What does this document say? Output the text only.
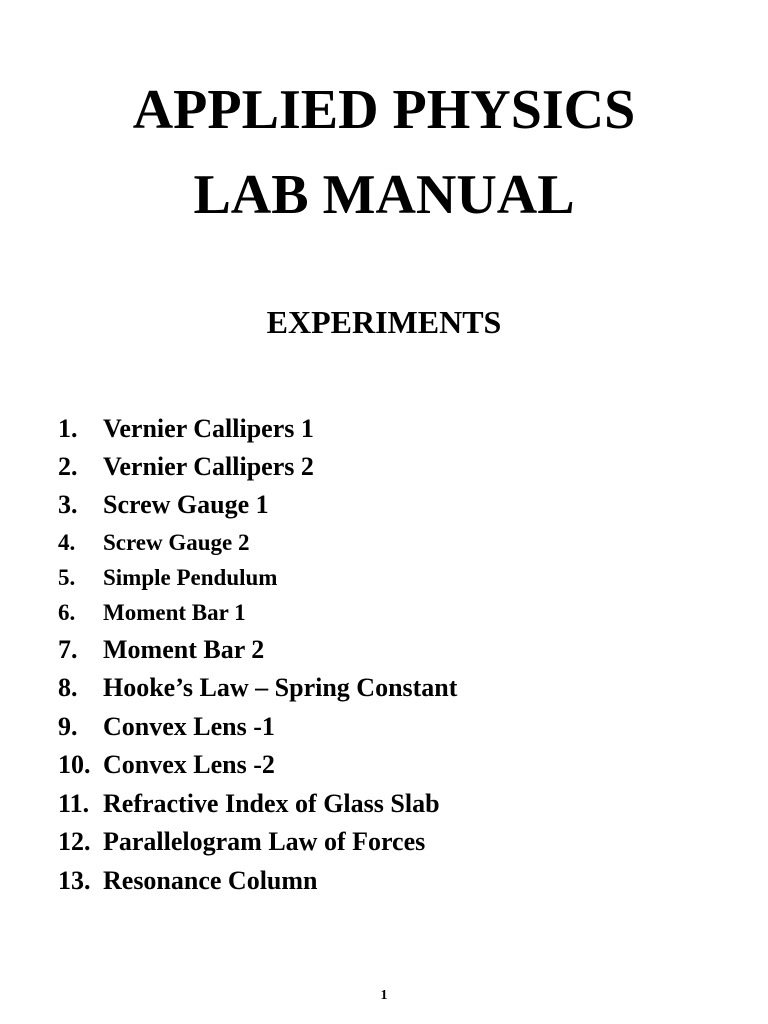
APPLIED PHYSICS
LAB MANUAL
EXPERIMENTS
1. Vernier Callipers 1
2. Vernier Callipers 2
3. Screw Gauge 1
4. Screw Gauge 2
5. Simple Pendulum
6. Moment Bar 1
7. Moment Bar 2
8. Hooke’s Law – Spring Constant
9. Convex Lens -1
10. Convex Lens -2
11. Refractive Index of Glass Slab
12. Parallelogram Law of Forces
13. Resonance Column
1
